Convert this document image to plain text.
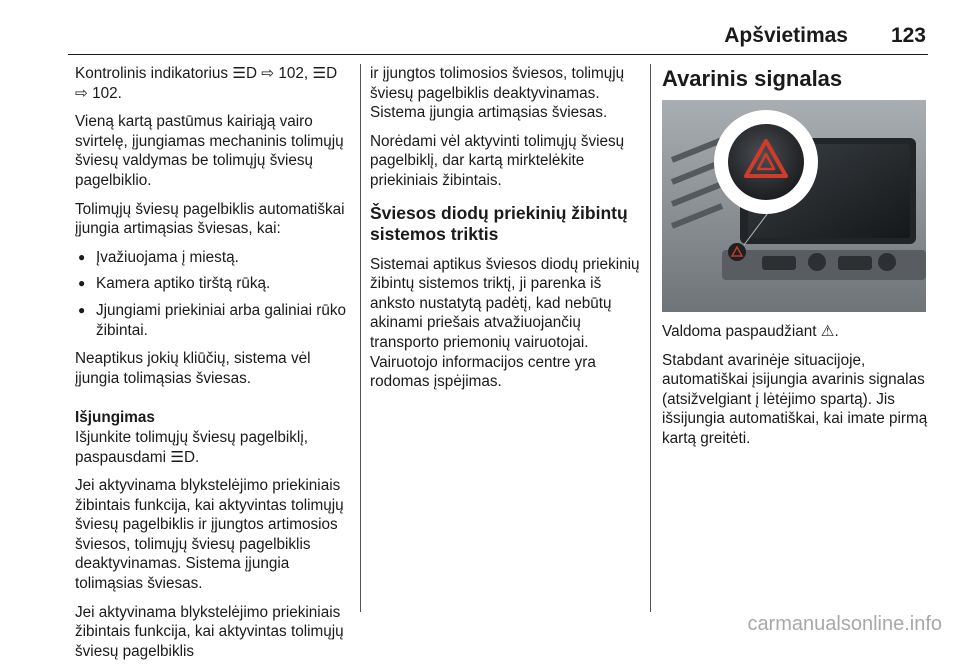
Apšvietimas 123

Kontrolinis indikatorius ☰D ⇨ 102, ☰D ⇨ 102.

Vieną kartą pastūmus kairiąją vairo svirtelę, įjungiamas mechaninis tolimųjų šviesų valdymas be tolimųjų šviesų pagelbiklio.

Tolimųjų šviesų pagelbiklis automatiškai įjungia artimąsias šviesas, kai:

● Įvažiuojama į miestą.
● Kamera aptiko tirštą rūką.
● Jjungiami priekiniai arba galiniai rūko žibintai.

Neaptikus jokių kliūčių, sistema vėl įjungia tolimąsias šviesas.

Išjungimas

Išjunkite tolimųjų šviesų pagelbiklį, paspausdami ☰D.

Jei aktyvinama blykstelėjimo priekiniais žibintais funkcija, kai aktyvintas tolimųjų šviesų pagelbiklis ir įjungtos artimosios šviesos, tolimųjų šviesų pagelbiklis deaktyvinamas. Sistema įjungia tolimąsias šviesas.

Jei aktyvinama blykstelėjimo priekiniais žibintais funkcija, kai aktyvintas tolimųjų šviesų pagelbiklis

ir įjungtos tolimosios šviesos, tolimųjų šviesų pagelbiklis deaktyvinamas. Sistema įjungia artimąsias šviesas.

Norėdami vėl aktyvinti tolimųjų šviesų pagelbiklį, dar kartą mirktelėkite priekiniais žibintais.

Šviesos diodų priekinių žibintų sistemos triktis

Sistemai aptikus šviesos diodų priekinių žibintų sistemos triktį, ji parenka iš anksto nustatytą padėtį, kad nebūtų akinami priešais atvažiuojančių transporto priemonių vairuotojai. Vairuotojo informacijos centre yra rodomas įspėjimas.

Avarinis signalas

Valdoma paspaudžiant ⚠.

Stabdant avarinėje situacijoje, automatiškai įsijungia avarinis signalas (atsižvelgiant į lėtėjimo spartą). Jis išsijungia automatiškai, kai imate pirmą kartą greitėti.

carmanualsonline.info
